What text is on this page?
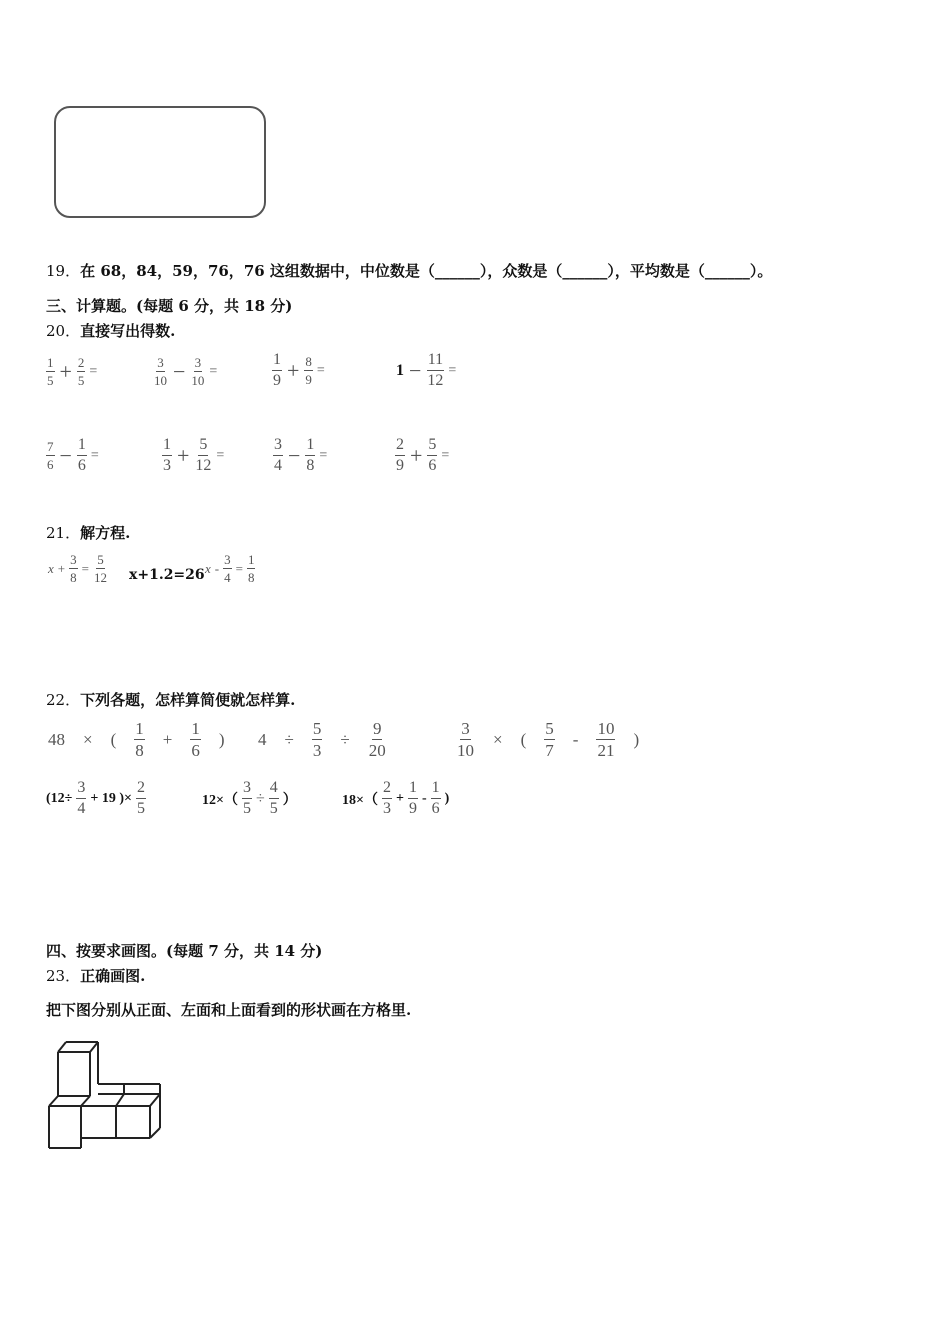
19．在 68，84，59，76，76 这组数据中，中位数是（______），众数是（______），平均数是（______）。
三、计算题。(每题 6 分，共 18 分)
20．直接写出得数.
$\frac{1}{5} + \frac{2}{5}$ =	$\frac{3}{10} - \frac{3}{10}$ =	$\frac{1}{9} + \frac{8}{9}$ =	$1 - \frac{11}{12}$ =
$\frac{7}{6} - \frac{1}{6}$ =	$\frac{1}{3} + \frac{5}{12}$ =	$\frac{3}{4} - \frac{1}{8}$ =	$\frac{2}{9} + \frac{5}{6}$ =
21．解方程.
$x + \frac{3}{8} = \frac{5}{12} x+1.2=26$ $x - \frac{3}{4} = \frac{1}{8}$
22．下列各题，怎样算简便就怎样算.
48 × ( $\frac{1}{8} + \frac{1}{6}$ ) $4 \div \frac{5}{3} \div \frac{9}{20}$	$\frac{3}{10}$ × ( $\frac{5}{7} - \frac{10}{21}$ )
($12\div \frac{3}{4} + 19$ )× $\frac{2}{5}$	$12\times( \frac{3}{5} \div \frac{4}{5}$ ）	$18\times( \frac{2}{3} + \frac{1}{9} - \frac{1}{6}$ )
四、按要求画图。(每题 7 分，共 14 分)
23．正确画图.
把下图分别从正面、左面和上面看到的形状画在方格里.
